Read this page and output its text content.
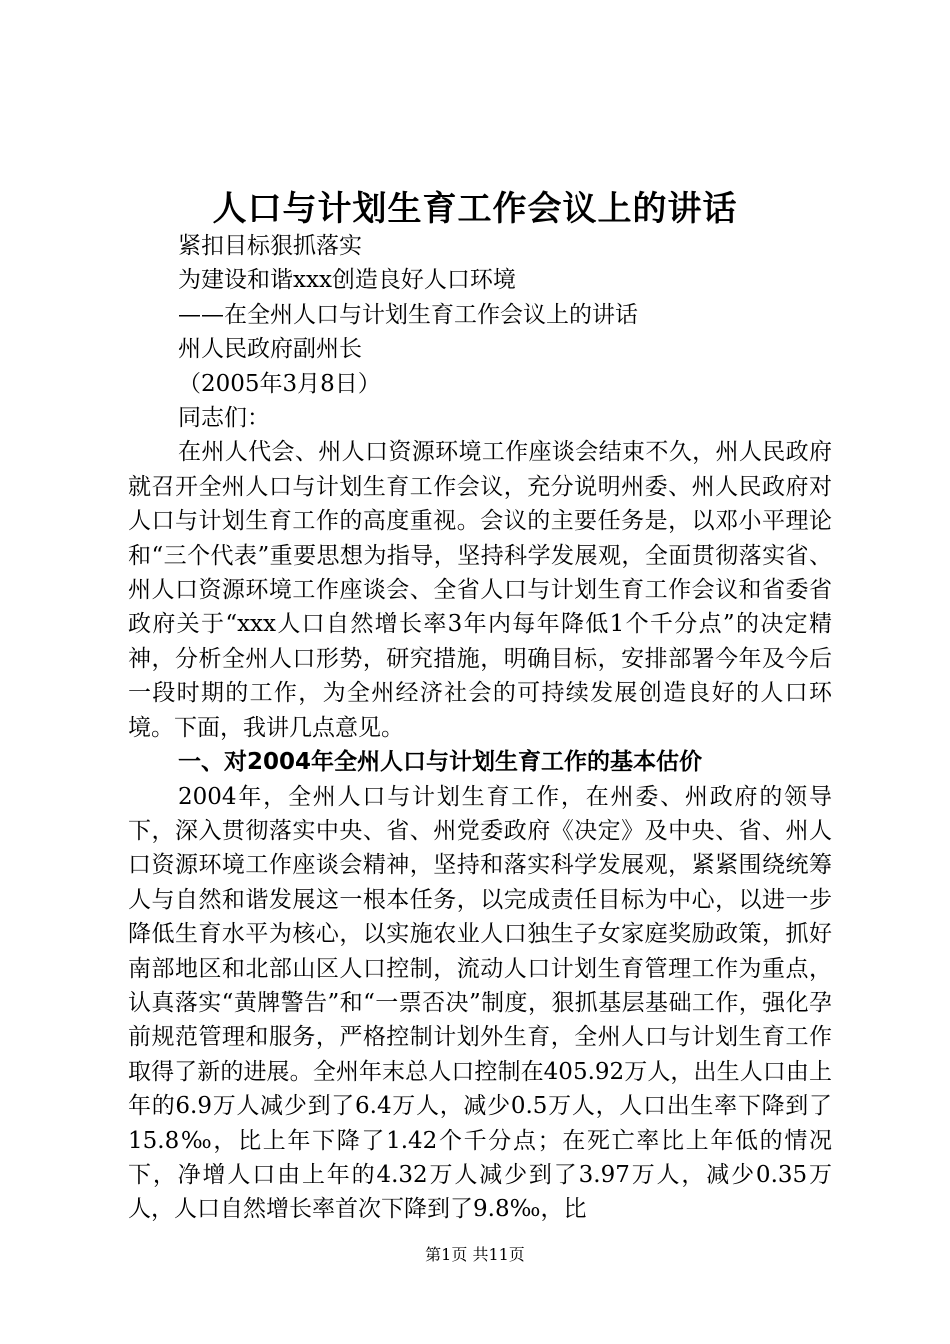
人口与计划生育工作会议上的讲话
紧扣目标狠抓落实
为建设和谐xxx创造良好人口环境
——在全州人口与计划生育工作会议上的讲话
州人民政府副州长
（2005年3月8日）
同志们：

在州人代会、州人口资源环境工作座谈会结束不久，州人民政府就召开全州人口与计划生育工作会议，充分说明州委、州人民政府对人口与计划生育工作的高度重视。会议的主要任务是，以邓小平理论和“三个代表”重要思想为指导，坚持科学发展观，全面贯彻落实省、州人口资源环境工作座谈会、全省人口与计划生育工作会议和省委省政府关于“xxx人口自然增长率3年内每年降低1个千分点”的决定精神，分析全州人口形势，研究措施，明确目标，安排部署今年及今后一段时期的工作，为全州经济社会的可持续发展创造良好的人口环境。下面，我讲几点意见。

一、对2004年全州人口与计划生育工作的基本估价

2004年，全州人口与计划生育工作，在州委、州政府的领导下，深入贯彻落实中央、省、州党委政府《决定》及中央、省、州人口资源环境工作座谈会精神，坚持和落实科学发展观，紧紧围绕统筹人与自然和谐发展这一根本任务，以完成责任目标为中心，以进一步降低生育水平为核心，以实施农业人口独生子女家庭奖励政策，抓好南部地区和北部山区人口控制，流动人口计划生育管理工作为重点，认真落实“黄牌警告”和“一票否决”制度，狠抓基层基础工作，强化孕前规范管理和服务，严格控制计划外生育，全州人口与计划生育工作取得了新的进展。全州年末总人口控制在405.92万人，出生人口由上年的6.9万人减少到了6.4万人，减少0.5万人，人口出生率下降到了15.8‰，比上年下降了1.42个千分点；在死亡率比上年低的情况下，净增人口由上年的4.32万人减少到了3.97万人，减少0.35万人，人口自然增长率首次下降到了9.8‰，比

第1页 共11页
